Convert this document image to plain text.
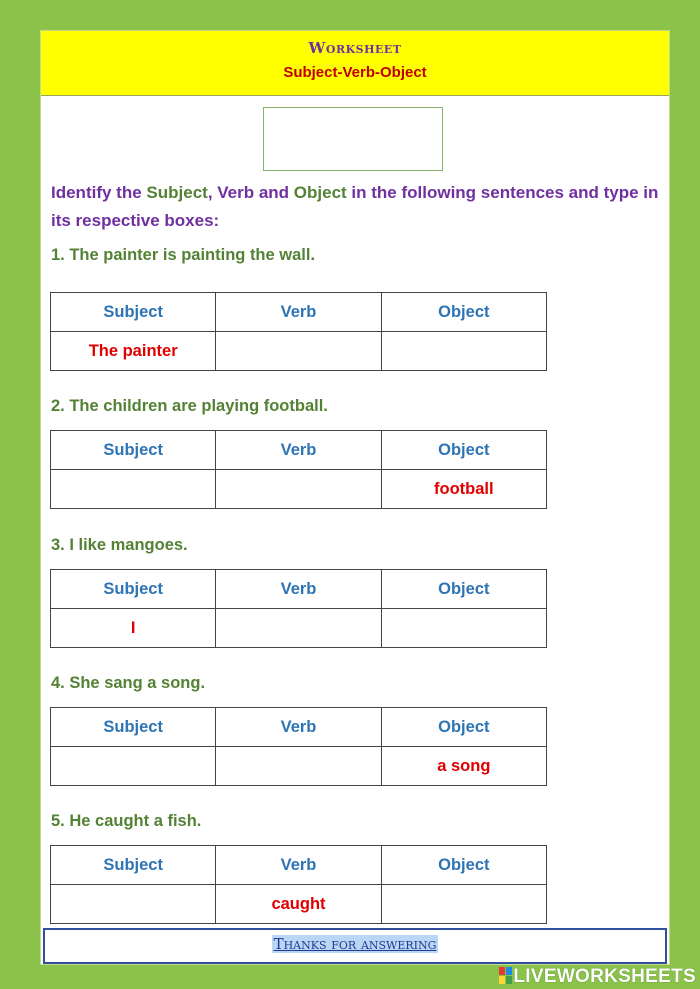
Worksheet
Subject-Verb-Object
Identify the Subject, Verb and Object in the following sentences and type in its respective boxes:
1. The painter is painting the wall.
Subject	Verb	Object
The painter		
2. The children are playing football.
Subject	Verb	Object
		football
3. I like mangoes.
Subject	Verb	Object
I		
4. She sang a song.
Subject	Verb	Object
		a song
5. He caught a fish.
Subject	Verb	Object
	caught	
Thanks for answering
LIVEWORKSHEETS
